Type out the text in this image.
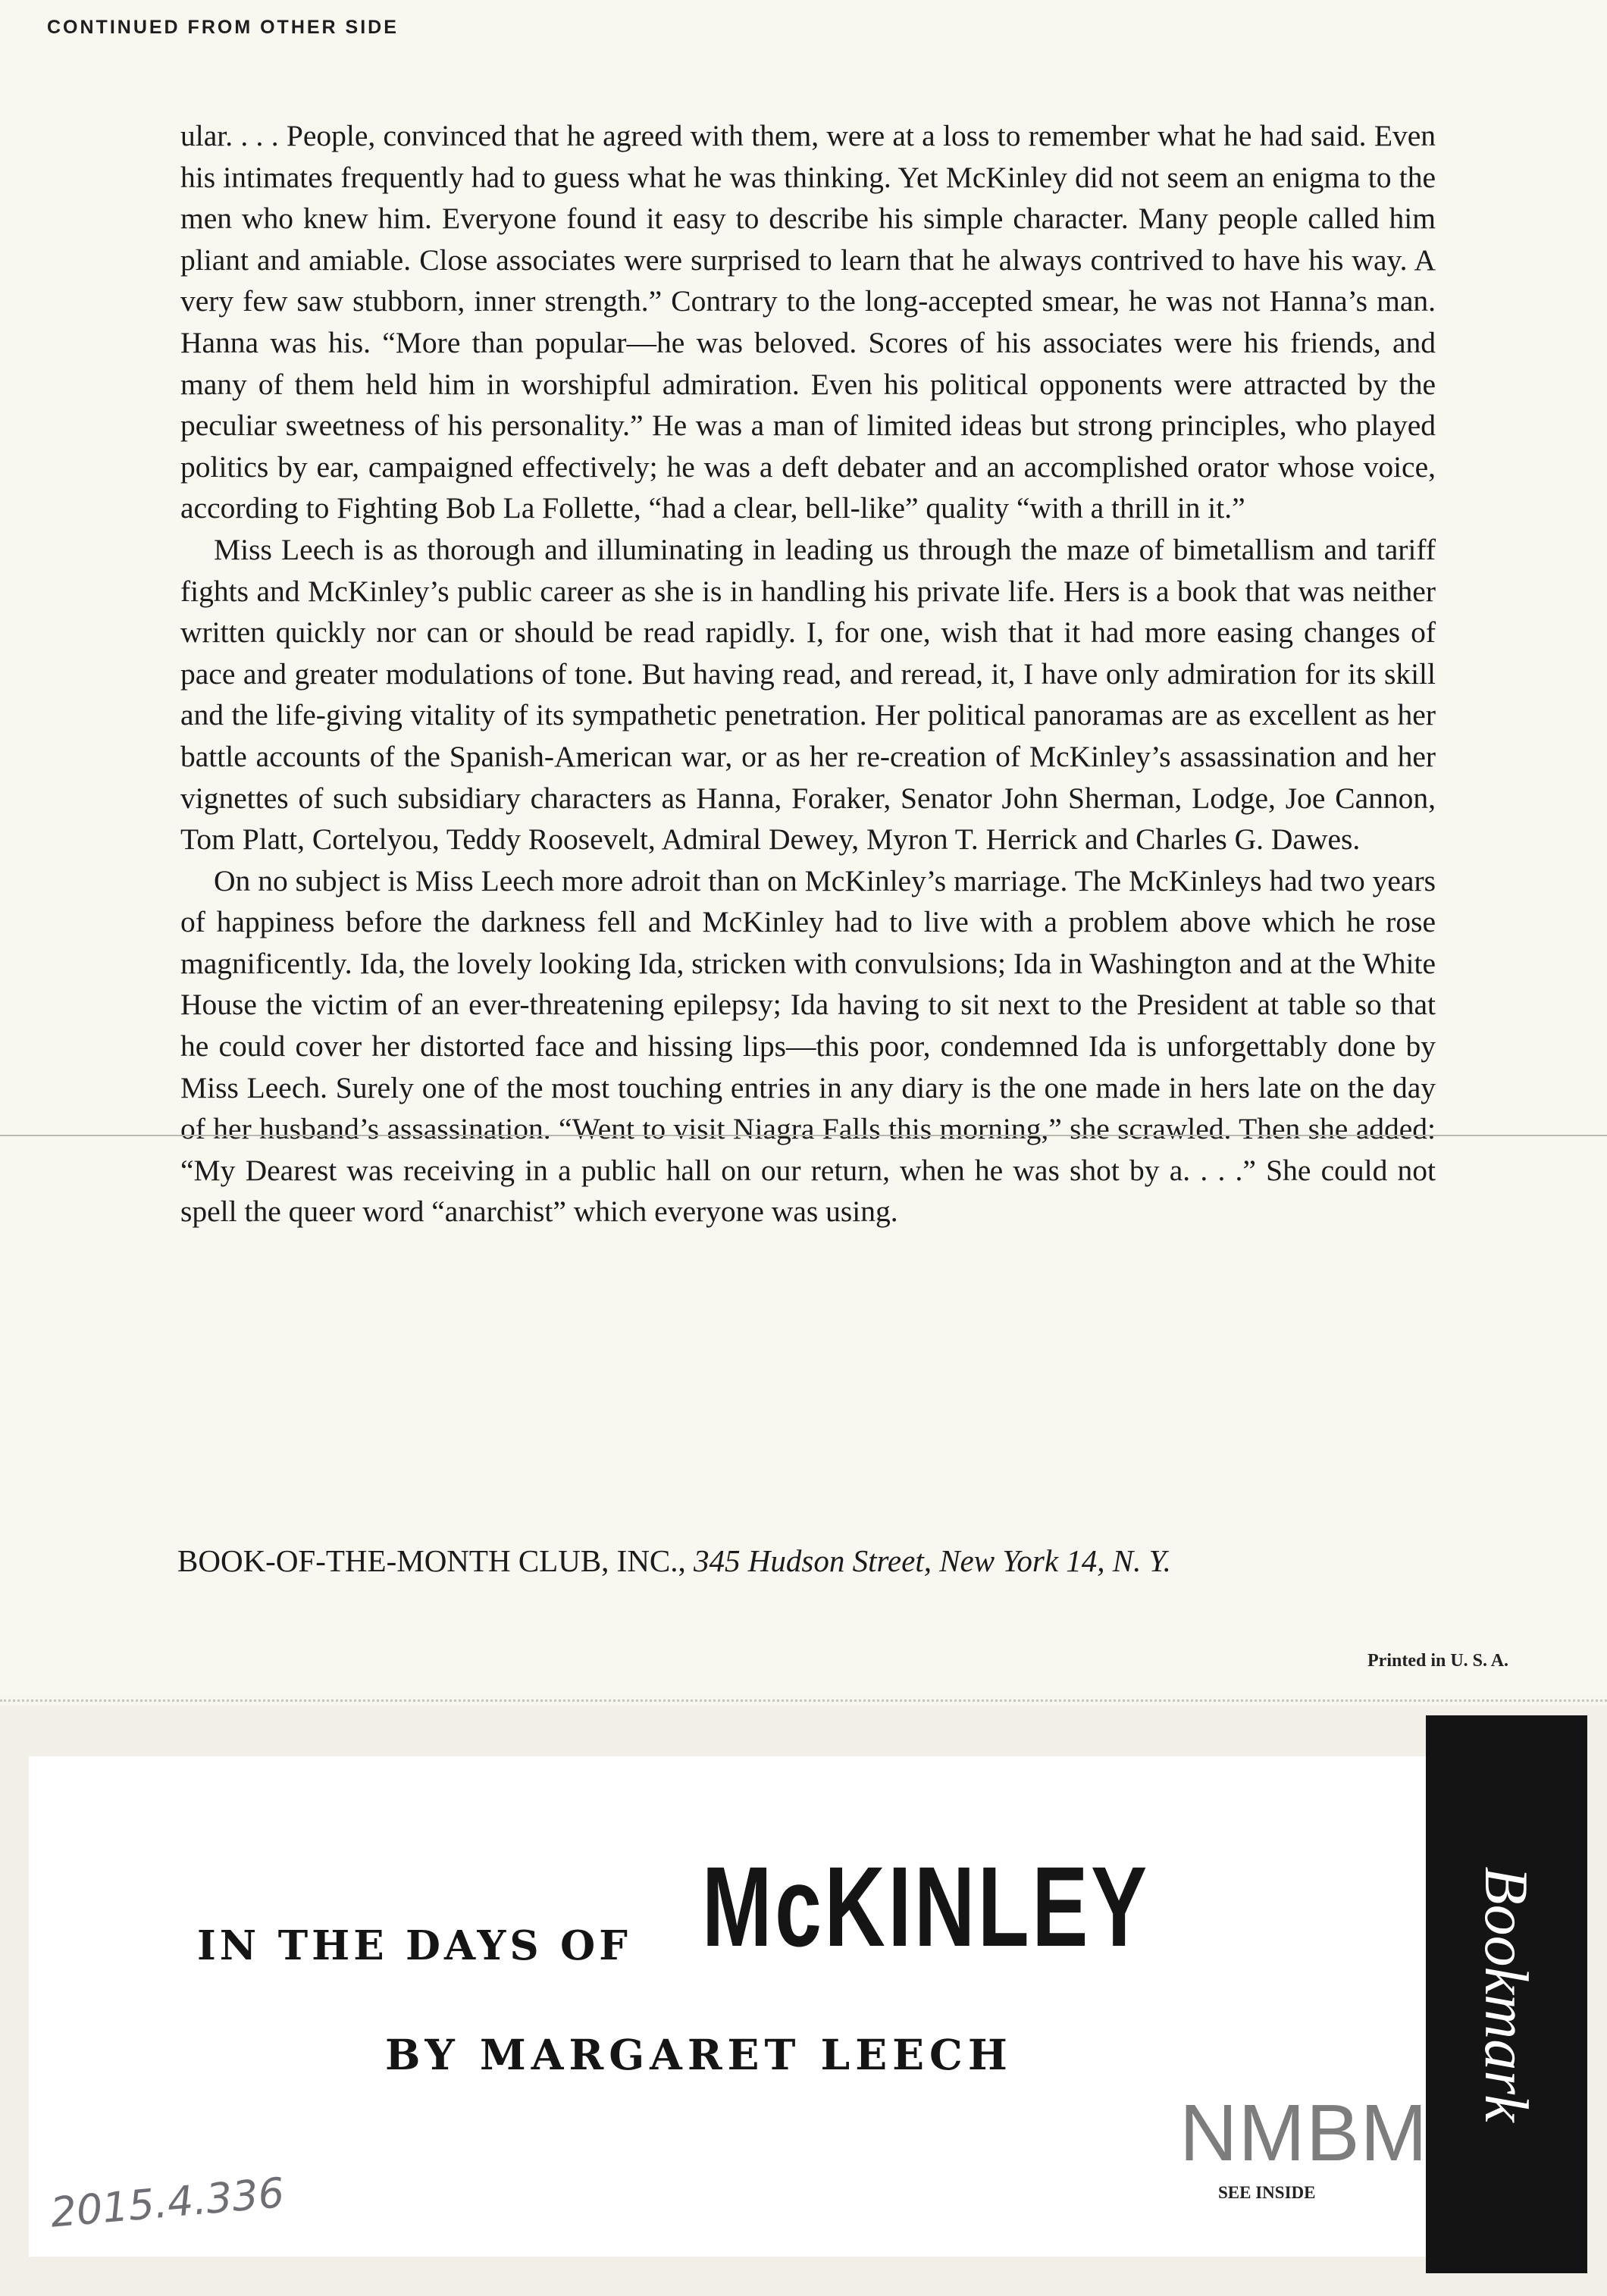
CONTINUED FROM OTHER SIDE

ular. . . . People, convinced that he agreed with them, were at a loss to remember what he had said. Even his intimates frequently had to guess what he was thinking. Yet McKinley did not seem an enigma to the men who knew him. Everyone found it easy to describe his simple character. Many people called him pliant and amiable. Close associates were surprised to learn that he always contrived to have his way. A very few saw stubborn, inner strength.” Contrary to the long-accepted smear, he was not Hanna’s man. Hanna was his. “More than popular—he was beloved. Scores of his associates were his friends, and many of them held him in worshipful admiration. Even his political opponents were attracted by the peculiar sweetness of his personality.” He was a man of limited ideas but strong principles, who played politics by ear, campaigned effectively; he was a deft debater and an accomplished orator whose voice, according to Fighting Bob La Follette, “had a clear, bell-like” quality “with a thrill in it.”

Miss Leech is as thorough and illuminating in leading us through the maze of bimetallism and tariff fights and McKinley’s public career as she is in handling his private life. Hers is a book that was neither written quickly nor can or should be read rapidly. I, for one, wish that it had more easing changes of pace and greater modulations of tone. But having read, and reread, it, I have only admiration for its skill and the life-giving vitality of its sympathetic penetration. Her political panoramas are as excellent as her battle accounts of the Spanish-American war, or as her re-creation of McKinley’s assassination and her vignettes of such subsidiary characters as Hanna, Foraker, Senator John Sherman, Lodge, Joe Cannon, Tom Platt, Cortelyou, Teddy Roosevelt, Admiral Dewey, Myron T. Herrick and Charles G. Dawes.

On no subject is Miss Leech more adroit than on McKinley’s marriage. The McKinleys had two years of happiness before the darkness fell and McKinley had to live with a problem above which he rose magnificently. Ida, the lovely looking Ida, stricken with convulsions; Ida in Washington and at the White House the victim of an ever-threatening epilepsy; Ida having to sit next to the President at table so that he could cover her distorted face and hissing lips—this poor, condemned Ida is unforgettably done by Miss Leech. Surely one of the most touching entries in any diary is the one made in hers late on the day of her husband’s assassination. “Went to visit Niagra Falls this morning,” she scrawled. Then she added: “My Dearest was receiving in a public hall on our return, when he was shot by a. . . .” She could not spell the queer word “anarchist” which everyone was using.

BOOK-OF-THE-MONTH CLUB, INC., 345 Hudson Street, New York 14, N. Y.
Printed in U. S. A.
Bookmark
IN THE DAYS OF McKINLEY
BY MARGARET LEECH
NMBM
SEE INSIDE
2015.4.336
